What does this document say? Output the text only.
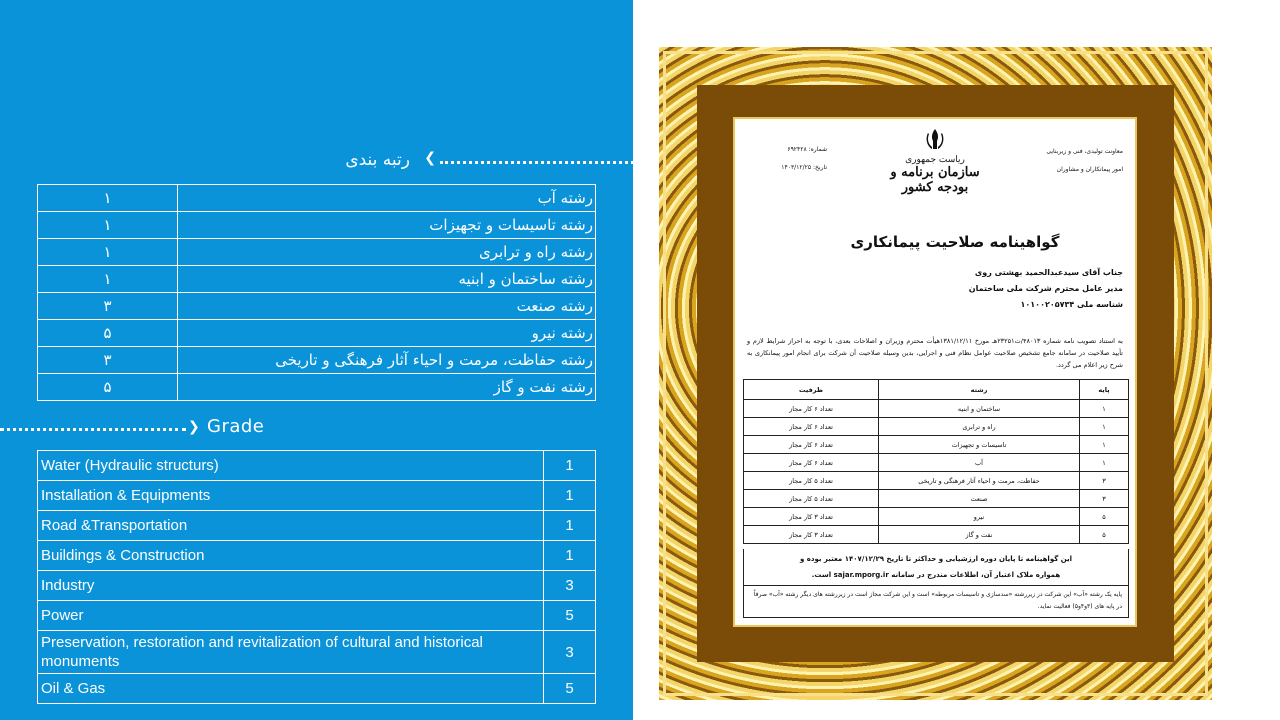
رتبه بندی ❮
رشته آب	۱
رشته تاسیسات و تجهیزات	۱
رشته راه و ترابری	۱
رشته ساختمان و ابنیه	۱
رشته صنعت	۳
رشته نیرو	۵
رشته حفاظت، مرمت و احیاء آثار فرهنگی و تاریخی	۳
رشته نفت و گاز	۵
❯ Grade
Water (Hydraulic structurs)	1
Installation & Equipments	1
Road &Transportation	1
Buildings & Construction	1
Industry	3
Power	5
Preservation, restoration and revitalization of cultural and historical monuments	3
Oil & Gas	5
معاونت تولیدی، فنی و زیربنایی
امور پیمانکاران و مشاوران
شماره: ۶۹۲۴۲۸
تاریخ: ۱۴۰۳/۱۲/۲۵
ریاست جمهوری
سازمان برنامه و بودجه کشور
گواهینامه صلاحیت پیمانکاری
جناب آقای سیدعبدالحمید بهشتی روی
مدیر عامل محترم شرکت ملی ساختمان
شناسه ملی ۱۰۱۰۰۲۰۵۷۳۴
به استناد تصویب نامه شماره ۴۸۰۱۳/ت۲۳۲۵۱هـ مورخ ۱۳۸۱/۱۲/۱۱هیأت محترم وزیران و اصلاحات بعدی، با توجه به احراز شرایط لازم و تأیید صلاحیت در سامانه جامع تشخیص صلاحیت عوامل نظام فنی و اجرایی، بدین وسیله صلاحیت آن شرکت برای انجام امور پیمانکاری به شرح زیر اعلام می گردد.
پایه	رشته	ظرفیت
۱	ساختمان و ابنیه	تعداد ۶ کار مجاز
۱	راه و ترابری	تعداد ۶ کار مجاز
۱	تاسیسات و تجهیزات	تعداد ۶ کار مجاز
۱	آب	تعداد ۶ کار مجاز
۳	حفاظت، مرمت و احیاء آثار فرهنگی و تاریخی	تعداد ۵ کار مجاز
۳	صنعت	تعداد ۵ کار مجاز
۵	نیرو	تعداد ۳ کار مجاز
۵	نفت و گاز	تعداد ۳ کار مجاز
این گواهینامه تا پایان دوره ارزشیابی و حداکثر تا تاریخ ۱۴۰۷/۱۲/۲۹ معتبر بوده و
همواره ملاک اعتبار آن، اطلاعات مندرج در سامانه sajar.mporg.ir است.
پایه یک رشته «آب» این شرکت در زیررشته «سدسازی و تاسیسات مربوطه» است و این شرکت مجاز است در زیررشته های دیگر رشته «آب» صرفاً در پایه های (۳و۴و۵) فعالیت نماید.
